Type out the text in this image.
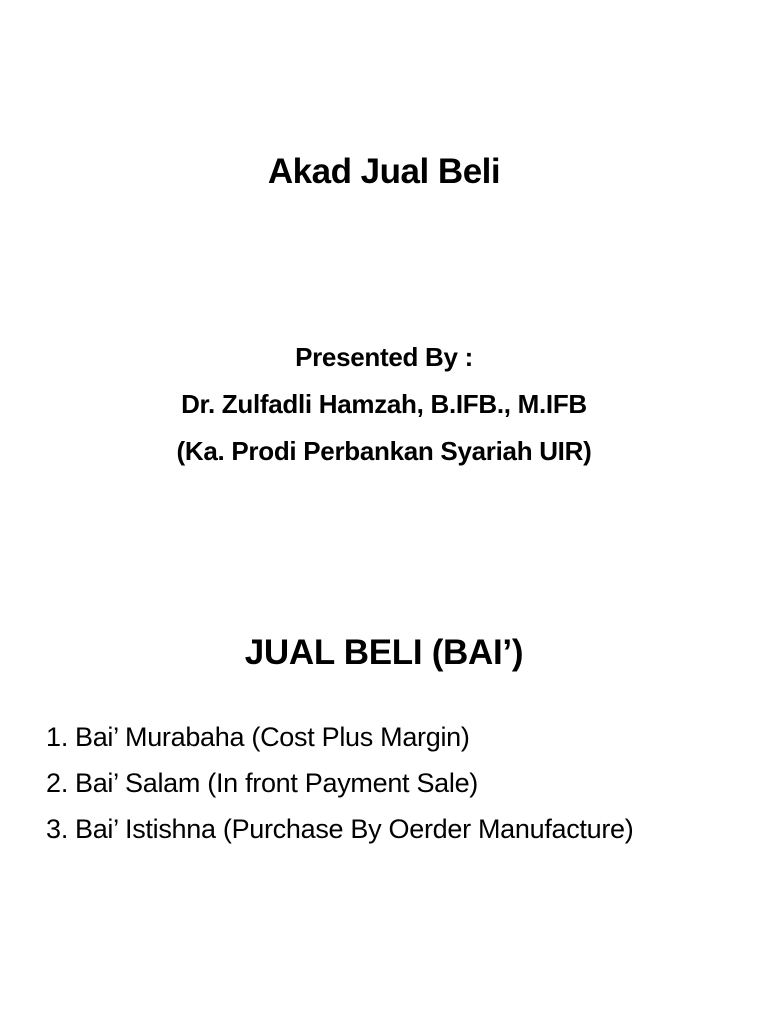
Akad Jual Beli
Presented By :
Dr. Zulfadli Hamzah, B.IFB., M.IFB
(Ka. Prodi Perbankan Syariah UIR)
JUAL BELI (BAI’)
1. Bai’ Murabaha (Cost Plus Margin)
2. Bai’ Salam (In front Payment Sale)
3. Bai’ Istishna (Purchase By Oerder Manufacture)
